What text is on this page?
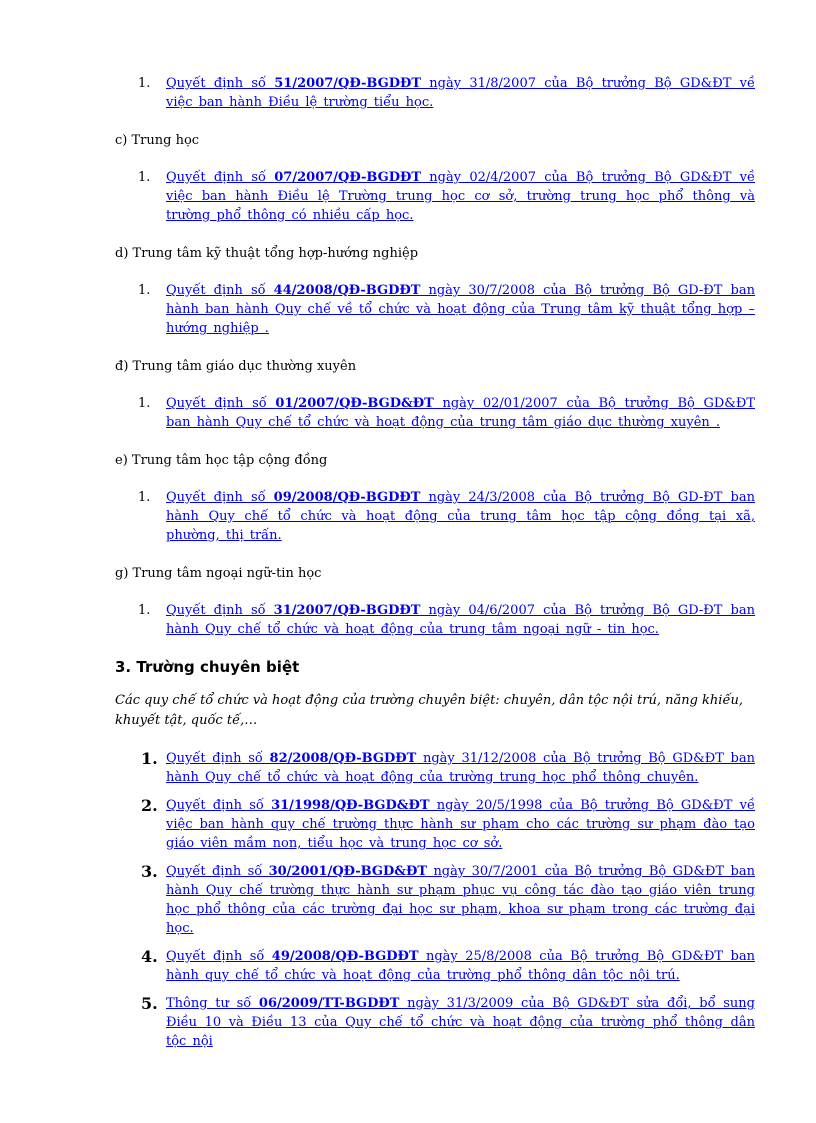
1. Quyết định số 51/2007/QĐ-BGDĐT ngày 31/8/2007 của Bộ trưởng Bộ GD&ĐT về việc ban hành Điều lệ trường tiểu học.

c) Trung học

1. Quyết định số 07/2007/QĐ-BGDĐT ngày 02/4/2007 của Bộ trưởng Bộ GD&ĐT về việc ban hành Điều lệ Trường trung học cơ sở, trường trung học phổ thông và trường phổ thông có nhiều cấp học.

d) Trung tâm kỹ thuật tổng hợp-hướng nghiệp

1. Quyết định số 44/2008/QĐ-BGDĐT ngày 30/7/2008 của Bộ trưởng Bộ GD-ĐT ban hành ban hành Quy chế về tổ chức và hoạt động của Trung tâm kỹ thuật tổng hợp – hướng nghiệp .

đ) Trung tâm giáo dục thường xuyên

1. Quyết định số 01/2007/QĐ-BGD&ĐT ngày 02/01/2007 của Bộ trưởng Bộ GD&ĐT ban hành Quy chế tổ chức và hoạt động của trung tâm giáo dục thường xuyên .

e) Trung tâm học tập cộng đồng

1. Quyết định số 09/2008/QĐ-BGDĐT ngày 24/3/2008 của Bộ trưởng Bộ GD-ĐT ban hành Quy chế tổ chức và hoạt động của trung tâm học tập cộng đồng tại xã, phường, thị trấn.

g) Trung tâm ngoại ngữ-tin học

1. Quyết định số 31/2007/QĐ-BGDĐT ngày 04/6/2007 của Bộ trưởng Bộ GD-ĐT ban hành Quy chế tổ chức và hoạt động của trung tâm ngoại ngữ - tin học.
3. Trường chuyên biệt

Các quy chế tổ chức và hoạt động của trường chuyên biệt: chuyên, dân tộc nội trú, năng khiếu, khuyết tật, quốc tế,…

1. Quyết định số 82/2008/QĐ-BGDĐT ngày 31/12/2008 của Bộ trưởng Bộ GD&ĐT ban hành Quy chế tổ chức và hoạt động của trường trung học phổ thông chuyên.
2. Quyết định số 31/1998/QĐ-BGD&ĐT ngày 20/5/1998 của Bộ trưởng Bộ GD&ĐT về việc ban hành quy chế trường thực hành sư phạm cho các trường sư phạm đào tạo giáo viên mầm non, tiểu học và trung học cơ sở.
3. Quyết định số 30/2001/QĐ-BGD&ĐT ngày 30/7/2001 của Bộ trưởng Bộ GD&ĐT ban hành Quy chế trường thực hành sư phạm phục vụ công tác đào tạo giáo viên trung học phổ thông của các trường đại học sư phạm, khoa sư phạm trong các trường đại học.
4. Quyết định số 49/2008/QĐ-BGDĐT ngày 25/8/2008 của Bộ trưởng Bộ GD&ĐT ban hành quy chế tổ chức và hoạt động của trường phổ thông dân tộc nội trú.
5. Thông tư số 06/2009/TT-BGDĐT ngày 31/3/2009 của Bộ GD&ĐT sửa đổi, bổ sung Điều 10 và Điều 13 của Quy chế tổ chức và hoạt động của trường phổ thông dân tộc nội
